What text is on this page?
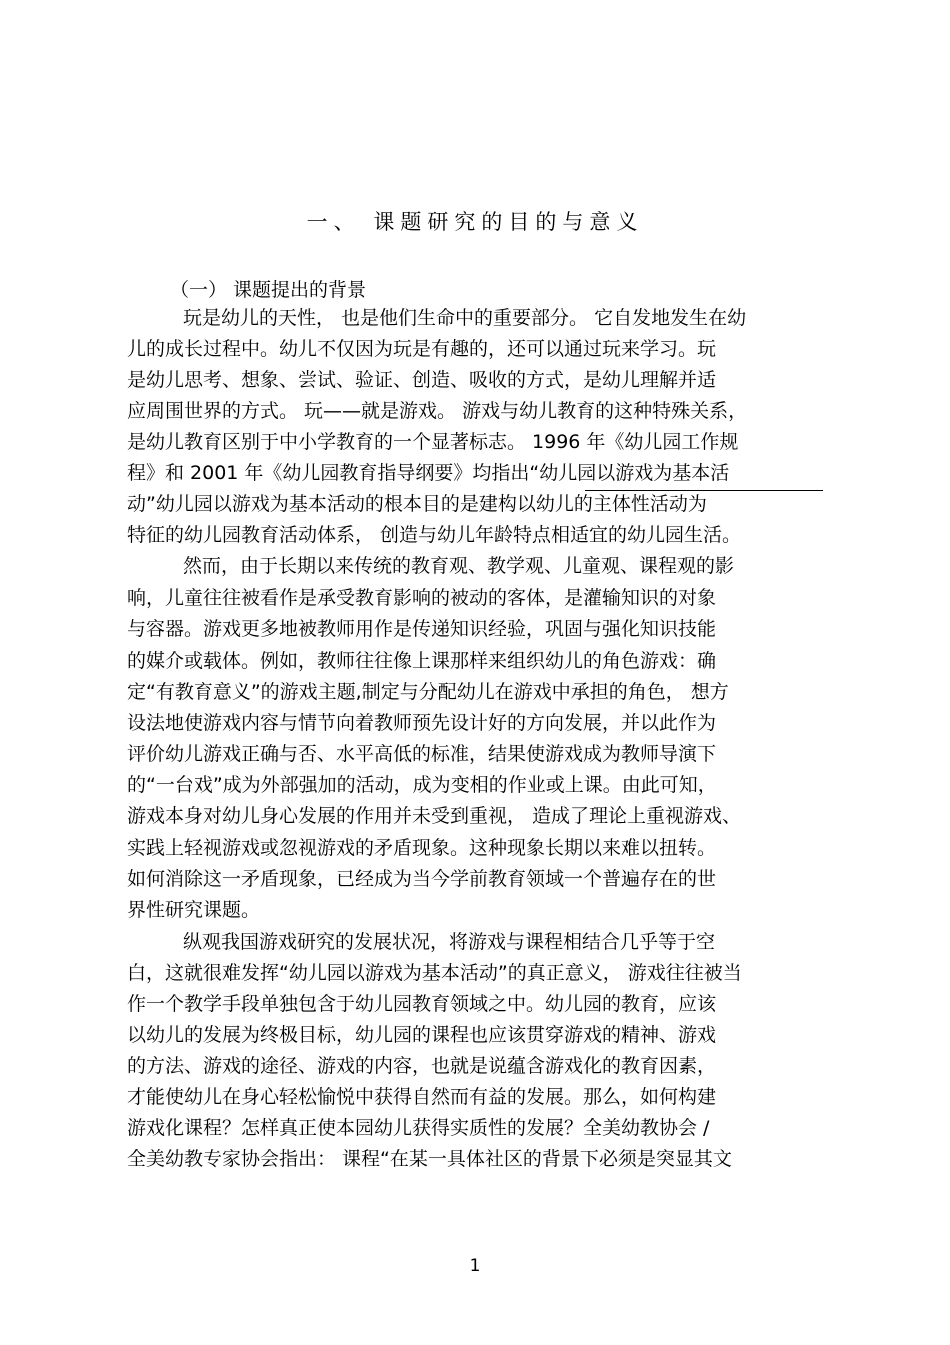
一、 课题研究的目的与意义
（一） 课题提出的背景
玩是幼儿的天性， 也是他们生命中的重要部分。 它自发地发生在幼
儿的成长过程中。幼儿不仅因为玩是有趣的，还可以通过玩来学习。玩
是幼儿思考、想象、尝试、验证、创造、吸收的方式，是幼儿理解并适
应周围世界的方式。 玩——就是游戏。 游戏与幼儿教育的这种特殊关系，
是幼儿教育区别于中小学教育的一个显著标志。 1996 年《幼儿园工作规
程》和 2001 年《幼儿园教育指导纲要》均指出“幼儿园以游戏为基本活
动”幼儿园以游戏为基本活动的根本目的是建构以幼儿的主体性活动为
特征的幼儿园教育活动体系， 创造与幼儿年龄特点相适宜的幼儿园生活。
然而，由于长期以来传统的教育观、教学观、儿童观、课程观的影
响，儿童往往被看作是承受教育影响的被动的客体，是灌输知识的对象
与容器。游戏更多地被教师用作是传递知识经验，巩固与强化知识技能
的媒介或载体。例如，教师往往像上课那样来组织幼儿的角色游戏：确
定“有教育意义”的游戏主题,制定与分配幼儿在游戏中承担的角色， 想方
设法地使游戏内容与情节向着教师预先设计好的方向发展，并以此作为
评价幼儿游戏正确与否、水平高低的标准，结果使游戏成为教师导演下
的“一台戏”成为外部强加的活动，成为变相的作业或上课。由此可知，
游戏本身对幼儿身心发展的作用并未受到重视， 造成了理论上重视游戏、
实践上轻视游戏或忽视游戏的矛盾现象。这种现象长期以来难以扭转。
如何消除这一矛盾现象，已经成为当今学前教育领域一个普遍存在的世
界性研究课题。
纵观我国游戏研究的发展状况，将游戏与课程相结合几乎等于空
白，这就很难发挥“幼儿园以游戏为基本活动”的真正意义， 游戏往往被当
作一个教学手段单独包含于幼儿园教育领域之中。幼儿园的教育，应该
以幼儿的发展为终极目标，幼儿园的课程也应该贯穿游戏的精神、游戏
的方法、游戏的途径、游戏的内容，也就是说蕴含游戏化的教育因素，
才能使幼儿在身心轻松愉悦中获得自然而有益的发展。那么，如何构建
游戏化课程？怎样真正使本园幼儿获得实质性的发展？全美幼教协会 /
全美幼教专家协会指出： 课程“在某一具体社区的背景下必须是突显其文
1
